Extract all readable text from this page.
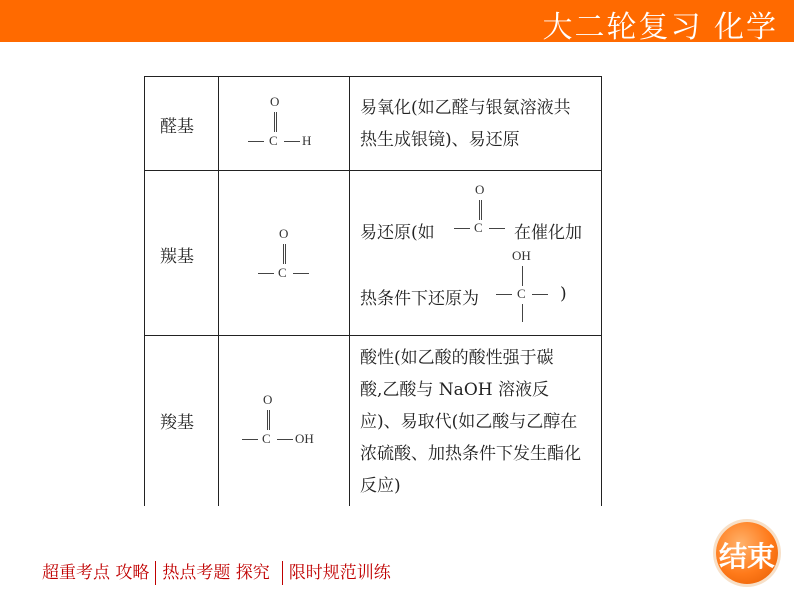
大二轮复习 化学
醛基
O
C H
易氧化(如乙醛与银氨溶液共
热生成银镜)、易还原
羰基
O
C
易还原(如
O
C 在催化加
热条件下还原为
OH
C )
羧基
O
C OH
酸性(如乙酸的酸性强于碳
酸,乙酸与 NaOH 溶液反
应)、易取代(如乙酸与乙醇在
浓硫酸、加热条件下发生酯化
反应)
结束
超重考点 攻略 热点考题 探究 限时规范训练
